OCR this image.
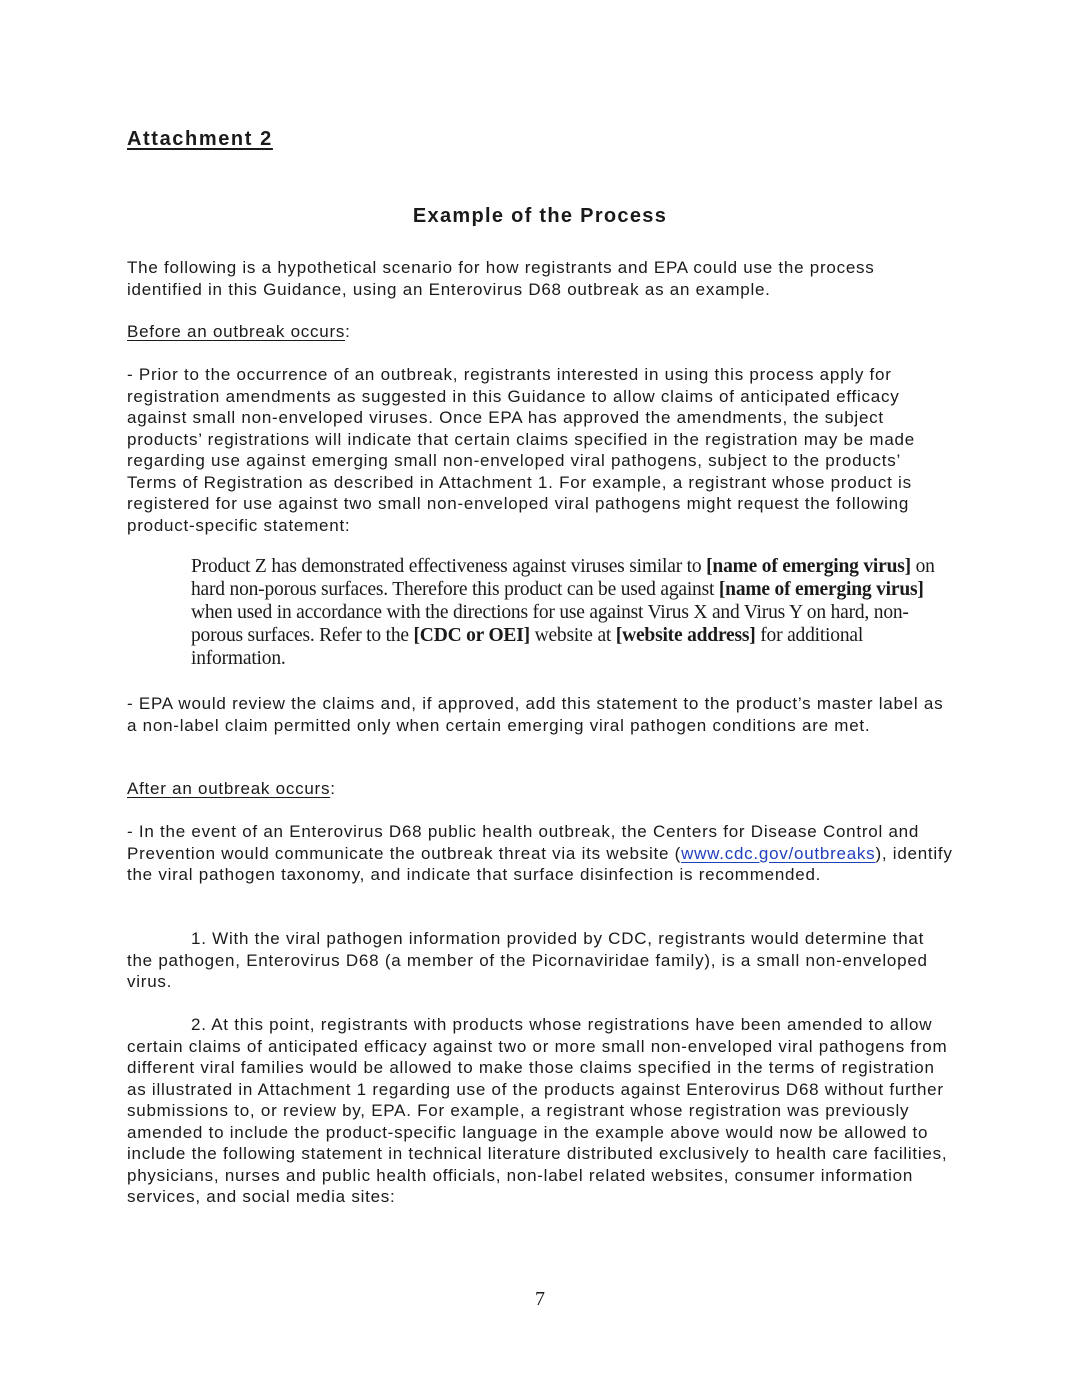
Attachment 2
Example of the Process

The following is a hypothetical scenario for how registrants and EPA could use the process identified in this Guidance, using an Enterovirus D68 outbreak as an example.

Before an outbreak occurs:

- Prior to the occurrence of an outbreak, registrants interested in using this process apply for registration amendments as suggested in this Guidance to allow claims of anticipated efficacy against small non-enveloped viruses. Once EPA has approved the amendments, the subject products’ registrations will indicate that certain claims specified in the registration may be made regarding use against emerging small non-enveloped viral pathogens, subject to the products’ Terms of Registration as described in Attachment 1. For example, a registrant whose product is registered for use against two small non-enveloped viral pathogens might request the following product-specific statement:

Product Z has demonstrated effectiveness against viruses similar to [name of emerging virus] on hard non-porous surfaces. Therefore this product can be used against [name of emerging virus] when used in accordance with the directions for use against Virus X and Virus Y on hard, non-porous surfaces. Refer to the [CDC or OEI] website at [website address] for additional information.

- EPA would review the claims and, if approved, add this statement to the product’s master label as a non-label claim permitted only when certain emerging viral pathogen conditions are met.

After an outbreak occurs:

- In the event of an Enterovirus D68 public health outbreak, the Centers for Disease Control and Prevention would communicate the outbreak threat via its website (www.cdc.gov/outbreaks), identify the viral pathogen taxonomy, and indicate that surface disinfection is recommended.

1. With the viral pathogen information provided by CDC, registrants would determine that the pathogen, Enterovirus D68 (a member of the Picornaviridae family), is a small non-enveloped virus.

2. At this point, registrants with products whose registrations have been amended to allow certain claims of anticipated efficacy against two or more small non-enveloped viral pathogens from different viral families would be allowed to make those claims specified in the terms of registration as illustrated in Attachment 1 regarding use of the products against Enterovirus D68 without further submissions to, or review by, EPA. For example, a registrant whose registration was previously amended to include the product-specific language in the example above would now be allowed to include the following statement in technical literature distributed exclusively to health care facilities, physicians, nurses and public health officials, non-label related websites, consumer information services, and social media sites:

7
